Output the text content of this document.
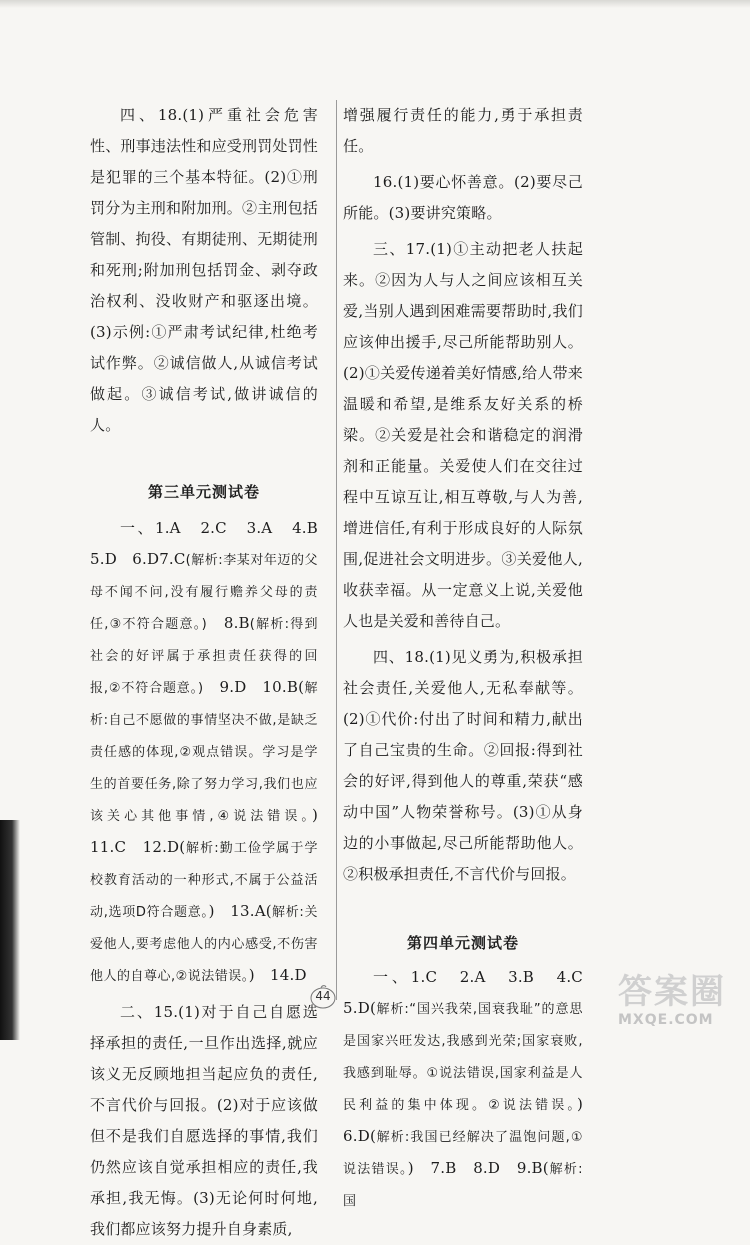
四、18.(1)严重社会危害性、刑事违法性和应受刑罚处罚性是犯罪的三个基本特征。(2)①刑罚分为主刑和附加刑。②主刑包括管制、拘役、有期徒刑、无期徒刑和死刑;附加刑包括罚金、剥夺政治权利、没收财产和驱逐出境。(3)示例:①严肃考试纪律,杜绝考试作弊。②诚信做人,从诚信考试做起。③诚信考试,做讲诚信的人。

第三单元测试卷

一、1.A　2.C　3.A　4.B　5.D　6.D7.C(解析:李某对年迈的父母不闻不问,没有履行赡养父母的责任,③不符合题意。)　8.B(解析:得到社会的好评属于承担责任获得的回报,②不符合题意。)　9.D　10.B(解析:自己不愿做的事情坚决不做,是缺乏责任感的体现,②观点错误。学习是学生的首要任务,除了努力学习,我们也应该关心其他事情,④说法错误。)　11.C　12.D(解析:勤工俭学属于学校教育活动的一种形式,不属于公益活动,选项D符合题意。)　13.A(解析:关爱他人,要考虑他人的内心感受,不伤害他人的自尊心,②说法错误。)　14.D

二、15.(1)对于自己自愿选择承担的责任,一旦作出选择,就应该义无反顾地担当起应负的责任,不言代价与回报。(2)对于应该做但不是我们自愿选择的事情,我们仍然应该自觉承担相应的责任,我承担,我无悔。(3)无论何时何地,我们都应该努力提升自身素质,

增强履行责任的能力,勇于承担责任。

16.(1)要心怀善意。(2)要尽己所能。(3)要讲究策略。

三、17.(1)①主动把老人扶起来。②因为人与人之间应该相互关爱,当别人遇到困难需要帮助时,我们应该伸出援手,尽己所能帮助别人。(2)①关爱传递着美好情感,给人带来温暖和希望,是维系友好关系的桥梁。②关爱是社会和谐稳定的润滑剂和正能量。关爱使人们在交往过程中互谅互让,相互尊敬,与人为善,增进信任,有利于形成良好的人际氛围,促进社会文明进步。③关爱他人,收获幸福。从一定意义上说,关爱他人也是关爱和善待自己。

四、18.(1)见义勇为,积极承担社会责任,关爱他人,无私奉献等。(2)①代价:付出了时间和精力,献出了自己宝贵的生命。②回报:得到社会的好评,得到他人的尊重,荣获“感动中国”人物荣誉称号。(3)①从身边的小事做起,尽己所能帮助他人。②积极承担责任,不言代价与回报。

第四单元测试卷

一、1.C　2.A　3.B　4.C　5.D(解析:“国兴我荣,国衰我耻”的意思是国家兴旺发达,我感到光荣;国家衰败,我感到耻辱。①说法错误,国家利益是人民利益的集中体现。②说法错误。)　6.D(解析:我国已经解决了温饱问题,①说法错误。)　7.B　8.D　9.B(解析:国

44	答案圈
MXQE.COM
